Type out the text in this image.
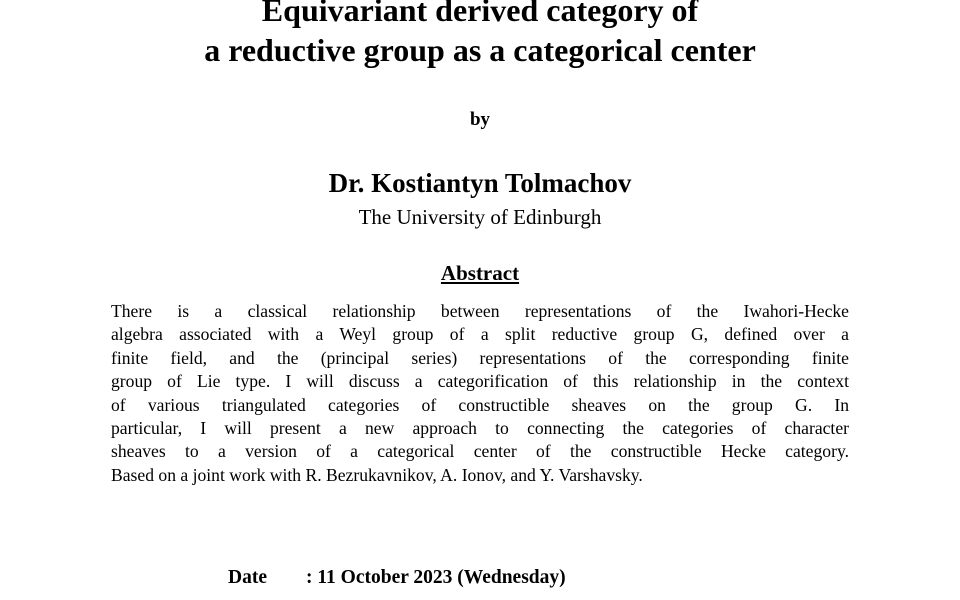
Equivariant derived category of
a reductive group as a categorical center
by
Dr. Kostiantyn Tolmachov
The University of Edinburgh
Abstract
There is a classical relationship between representations of the Iwahori-Hecke
algebra associated with a Weyl group of a split reductive group G, defined over a
finite field, and the (principal series) representations of the corresponding finite
group of Lie type. I will discuss a categorification of this relationship in the context
of various triangulated categories of constructible sheaves on the group G. In
particular, I will present a new approach to connecting the categories of character
sheaves to a version of a categorical center of the constructible Hecke category.
Based on a joint work with R. Bezrukavnikov, A. Ionov, and Y. Varshavsky.
Date : 11 October 2023 (Wednesday)
